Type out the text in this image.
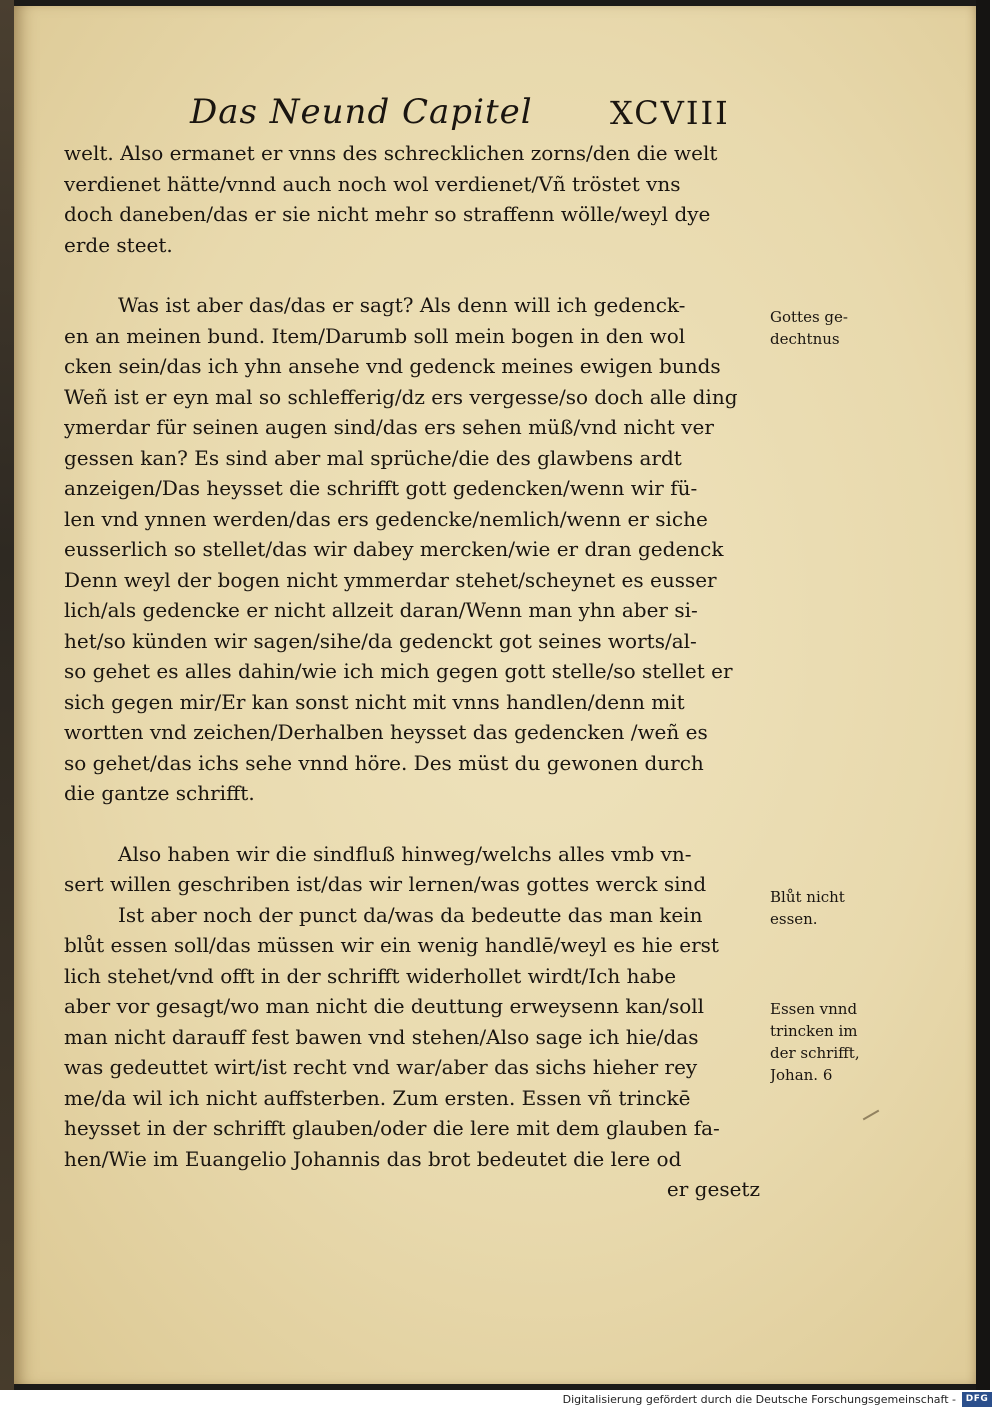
Das Neund Capitel XCVIII
welt. Also ermanet er vnns des schrecklichen zorns/den die welt
verdienet hätte/vnnd auch noch wol verdienet/Vñ tröstet vns
doch daneben/das er sie nicht mehr so straffenn wölle/weyl dye
erde steet.
Was ist aber das/das er sagt? Als denn will ich gedenck-
en an meinen bund. Item/Darumb soll mein bogen in den wol
cken sein/das ich yhn ansehe vnd gedenck meines ewigen bunds
Weñ ist er eyn mal so schlefferig/dz ers vergesse/so doch alle ding
ymerdar für seinen augen sind/das ers sehen müß/vnd nicht ver
gessen kan? Es sind aber mal sprüche/die des glawbens ardt
anzeigen/Das heysset die schrifft gott gedencken/wenn wir fü-
len vnd ynnen werden/das ers gedencke/nemlich/wenn er siche
eusserlich so stellet/das wir dabey mercken/wie er dran gedenck
Denn weyl der bogen nicht ymmerdar stehet/scheynet es eusser
lich/als gedencke er nicht allzeit daran/Wenn man yhn aber si-
het/so künden wir sagen/sihe/da gedenckt got seines worts/al-
so gehet es alles dahin/wie ich mich gegen gott stelle/so stellet er
sich gegen mir/Er kan sonst nicht mit vnns handlen/denn mit
wortten vnd zeichen/Derhalben heysset das gedencken /weñ es
so gehet/das ichs sehe vnnd höre. Des müst du gewonen durch
die gantze schrifft.
Also haben wir die sindfluß hinweg/welchs alles vmb vn-
sert willen geschriben ist/das wir lernen/was gottes werck sind
Ist aber noch der punct da/was da bedeutte das man kein
blůt essen soll/das müssen wir ein wenig handlē/weyl es hie erst
lich stehet/vnd offt in der schrifft widerhollet wirdt/Ich habe
aber vor gesagt/wo man nicht die deuttung erweysenn kan/soll
man nicht darauff fest bawen vnd stehen/Also sage ich hie/das
was gedeuttet wirt/ist recht vnd war/aber das sichs hieher rey
me/da wil ich nicht auffsterben. Zum ersten. Essen vñ trinckē
heysset in der schrifft glauben/oder die lere mit dem glauben fa-
hen/Wie im Euangelio Johannis das brot bedeutet die lere od
er gesetz
Gottes ge-
dechtnus
Blůt nicht
essen.
Essen vnnd
trincken im
der schrifft,
Johan. 6
Digitalisierung gefördert durch die Deutsche Forschungsgemeinschaft -	DFG
